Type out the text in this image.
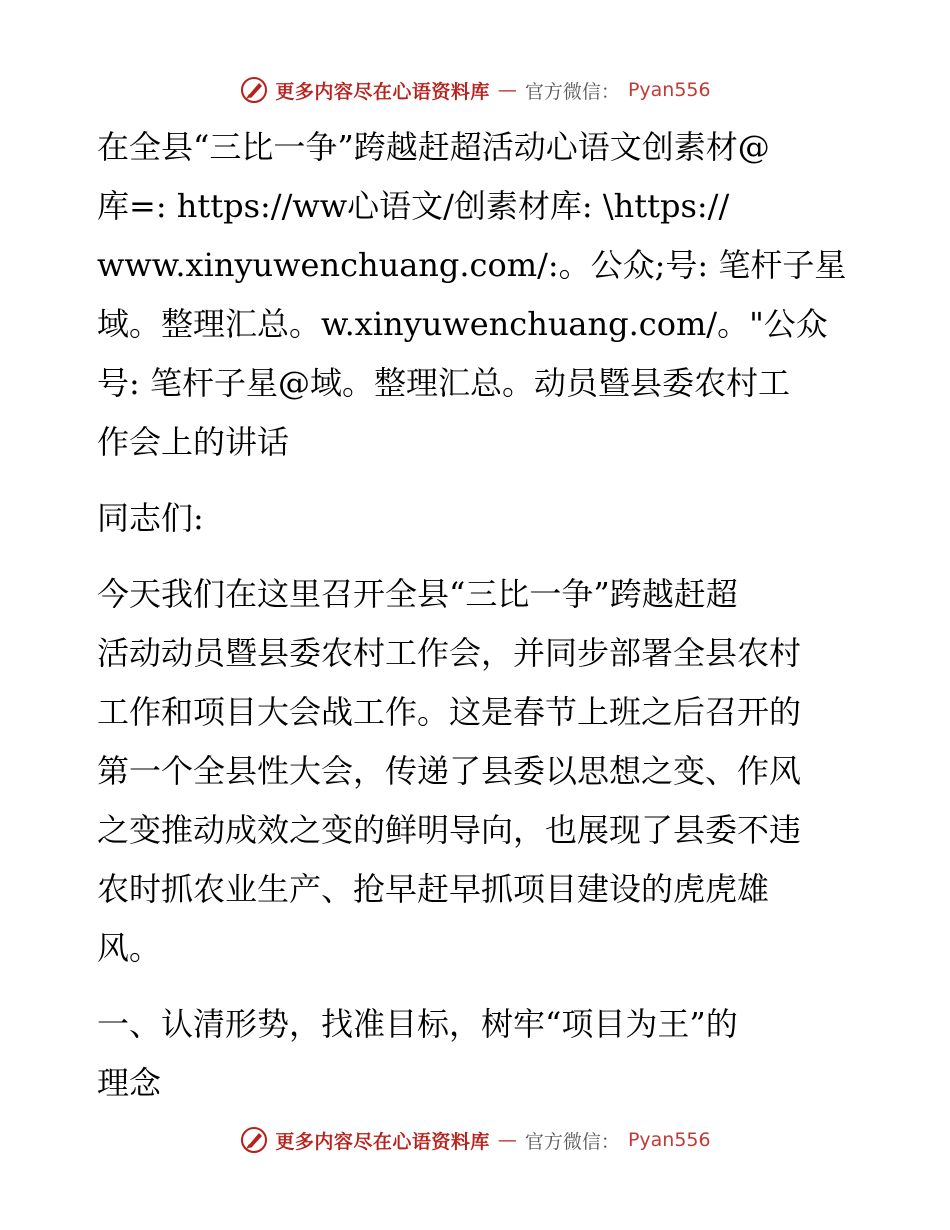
更多内容尽在心语资料库 — 官方微信： Pyan556
在全县“三比一争”跨越赶超活动心语文创素材@
库=: https://ww心语文/创素材库: \https://
www.xinyuwenchuang.com/:。公众;号: 笔杆子星
域。整理汇总。w.xinyuwenchuang.com/。"公众
号: 笔杆子星@域。整理汇总。动员暨县委农村工
作会上的讲话
同志们:
今天我们在这里召开全县“三比一争”跨越赶超
活动动员暨县委农村工作会，并同步部署全县农村
工作和项目大会战工作。这是春节上班之后召开的
第一个全县性大会，传递了县委以思想之变、作风
之变推动成效之变的鲜明导向，也展现了县委不违
农时抓农业生产、抢早赶早抓项目建设的虎虎雄
风。
一、认清形势，找准目标，树牢“项目为王”的
理念
更多内容尽在心语资料库 — 官方微信： Pyan556
